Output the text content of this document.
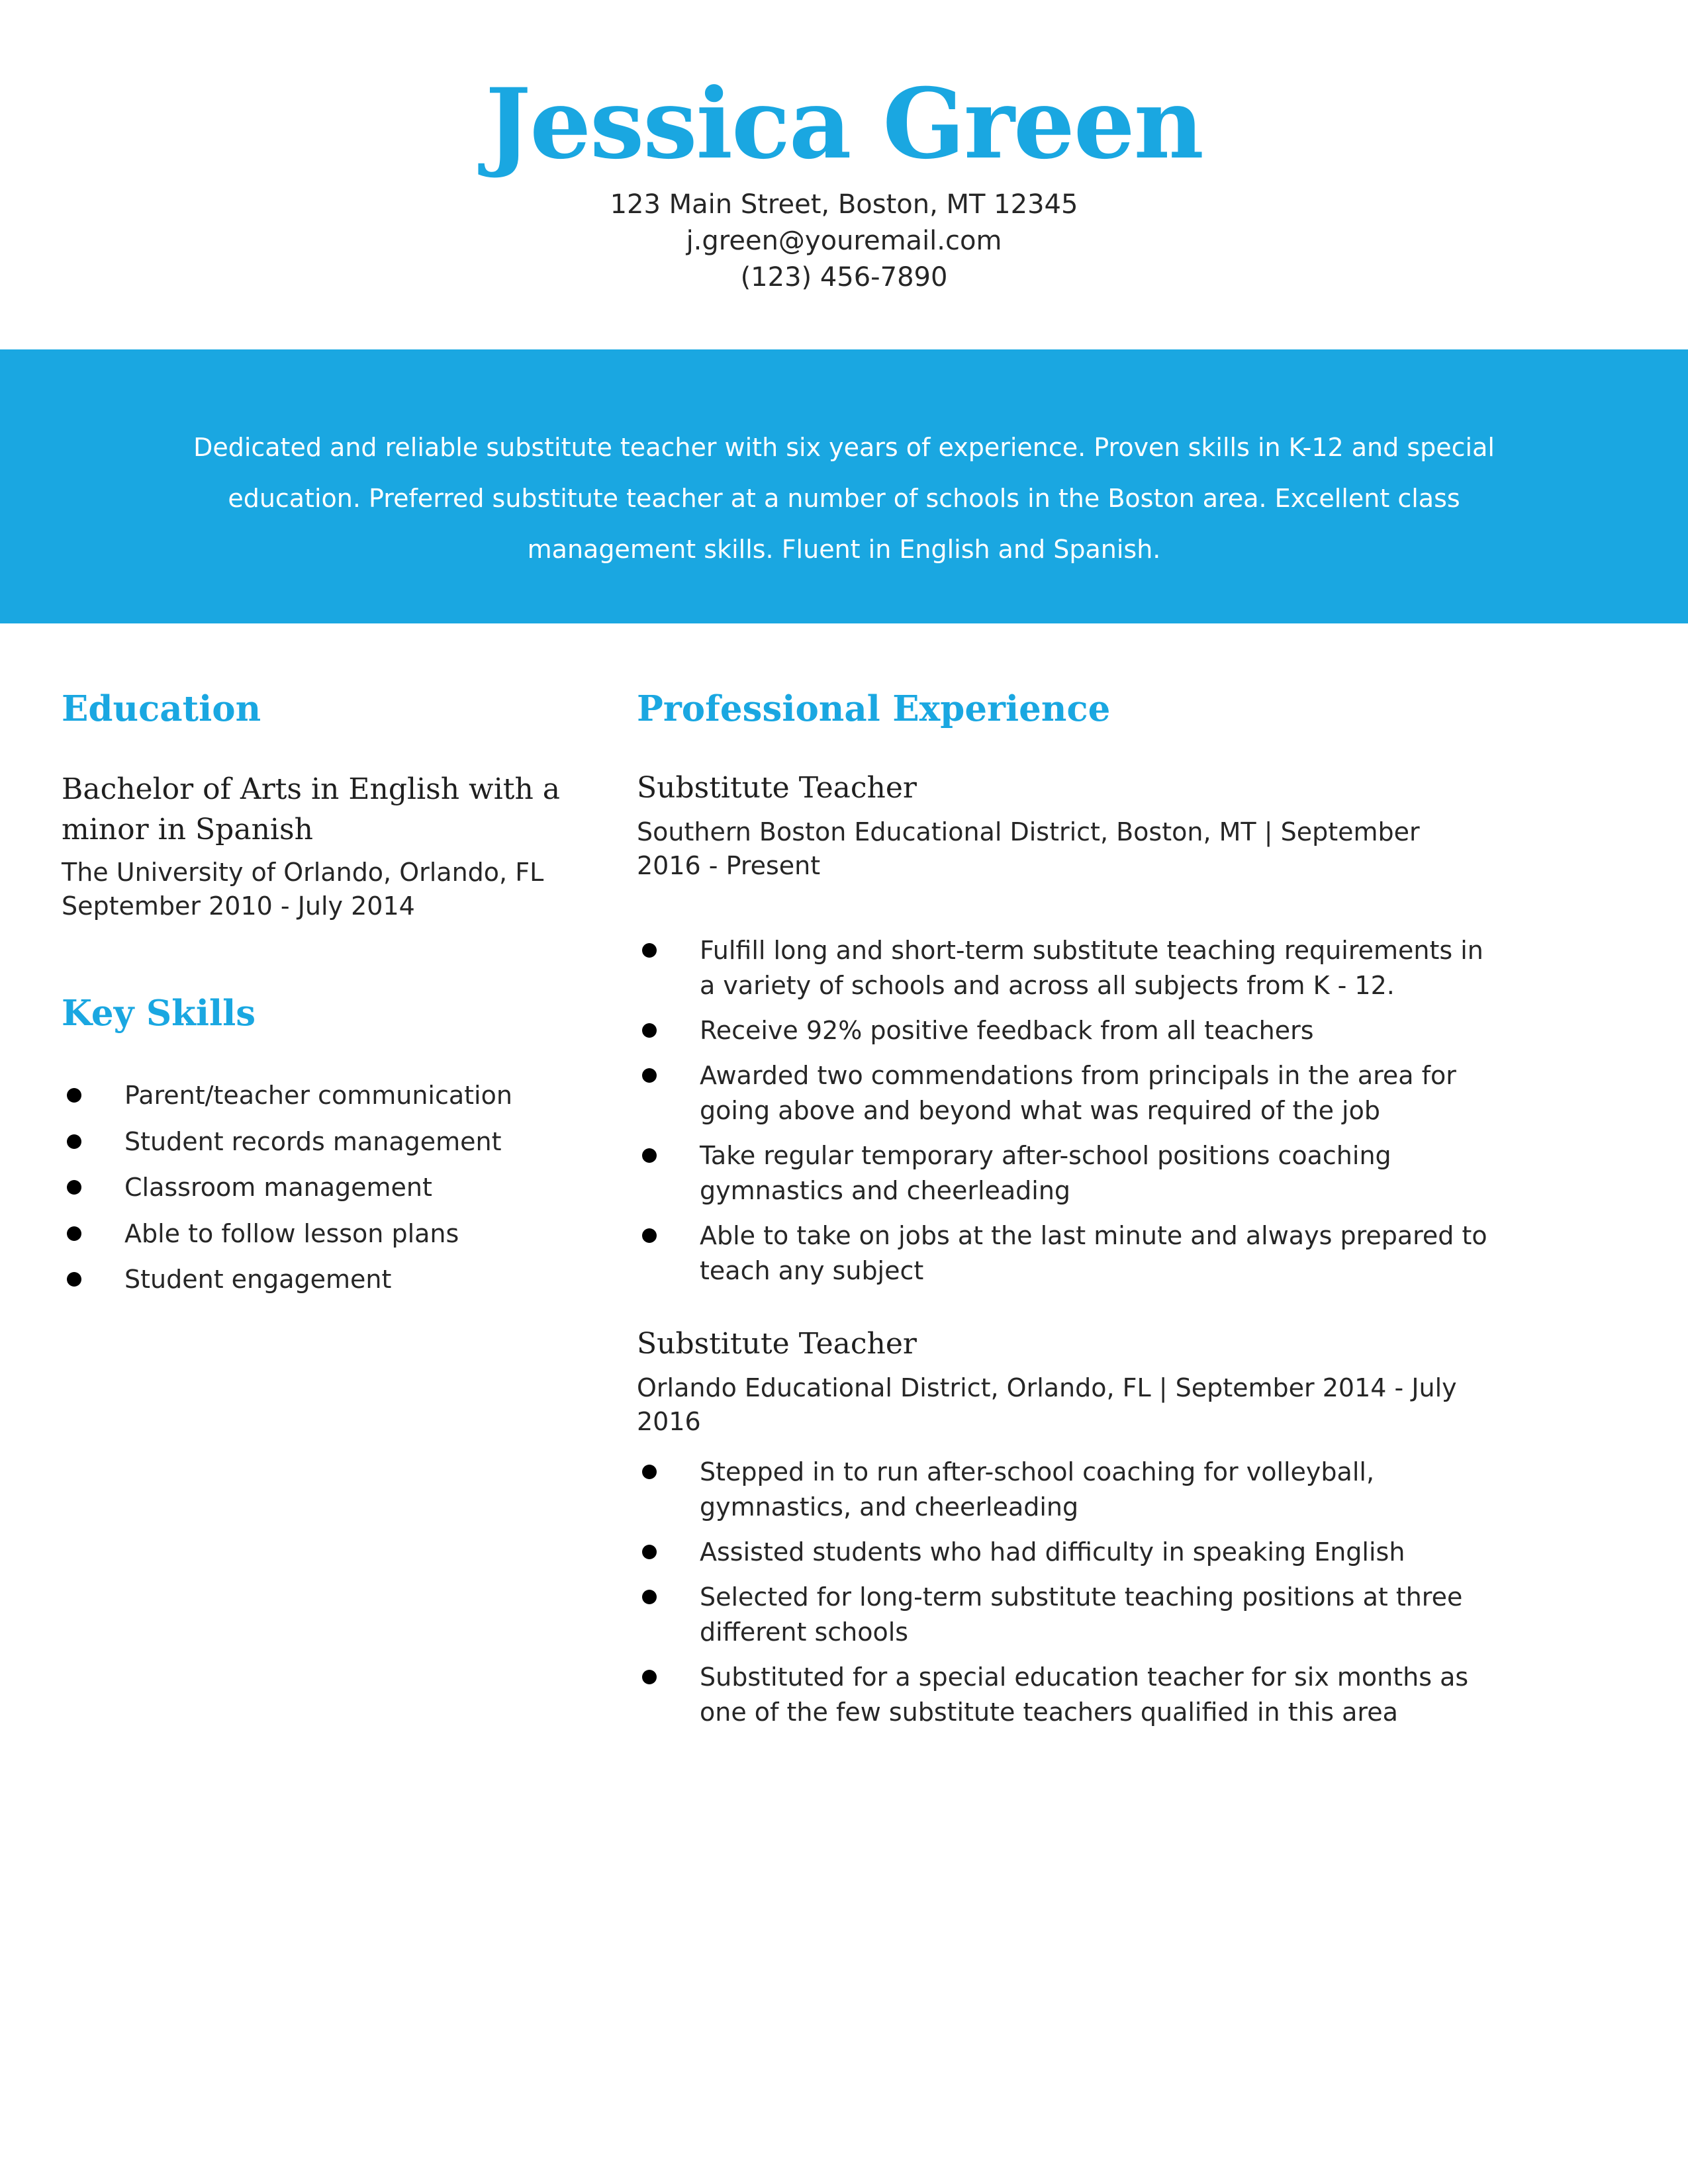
Jessica Green
123 Main Street, Boston, MT 12345
j.green@youremail.com
(123) 456-7890
Dedicated and reliable substitute teacher with six years of experience. Proven skills in K-12 and special education. Preferred substitute teacher at a number of schools in the Boston area. Excellent class management skills. Fluent in English and Spanish.
Education
Bachelor of Arts in English with a minor in Spanish
The University of Orlando, Orlando, FL
September 2010 - July 2014
Key Skills
Parent/teacher communication
Student records management
Classroom management
Able to follow lesson plans
Student engagement
Professional Experience
Substitute Teacher
Southern Boston Educational District, Boston, MT | September 2016 - Present
Fulfill long and short-term substitute teaching requirements in a variety of schools and across all subjects from K - 12.
Receive 92% positive feedback from all teachers
Awarded two commendations from principals in the area for going above and beyond what was required of the job
Take regular temporary after-school positions coaching gymnastics and cheerleading
Able to take on jobs at the last minute and always prepared to teach any subject
Substitute Teacher
Orlando Educational District, Orlando, FL | September 2014 - July 2016
Stepped in to run after-school coaching for volleyball, gymnastics, and cheerleading
Assisted students who had difficulty in speaking English
Selected for long-term substitute teaching positions at three different schools
Substituted for a special education teacher for six months as one of the few substitute teachers qualified in this area
